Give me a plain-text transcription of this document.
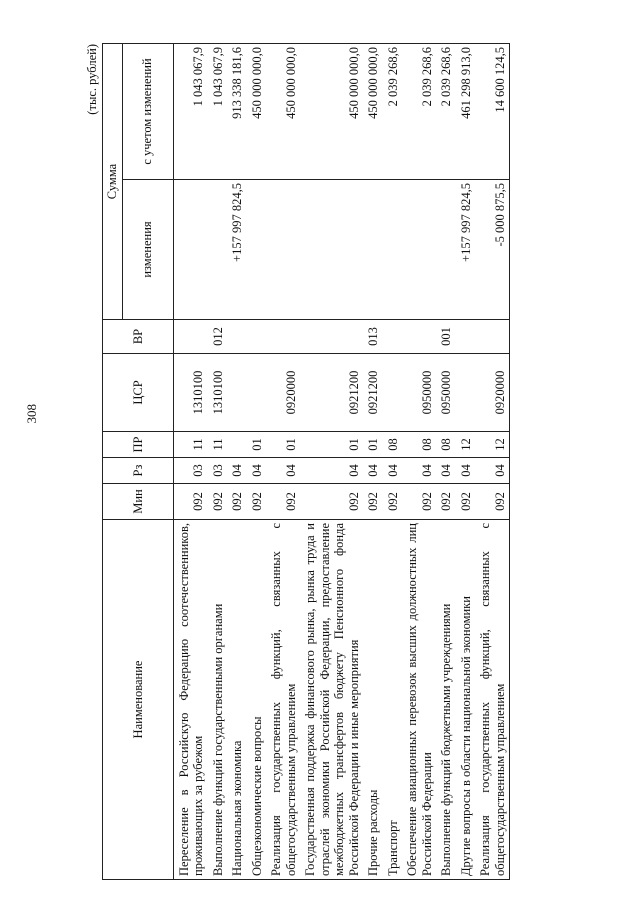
308
(тыс. рублей)
Наименование	Мин	Рз	ПР	ЦСР	ВР	Сумма	
						изменения	с учетом изменений
Переселение в Российскую Федерацию соотечественников, проживающих за рубежом	092	03	11	1310100			1 043 067,9
Выполнение функций государственными органами	092	03	11	1310100	012		1 043 067,9
Национальная экономика	092	04				+157 997 824,5	913 338 181,6
Общеэкономические вопросы	092	04	01				450 000 000,0
Реализация государственных функций, связанных с общегосударственным управлением	092	04	01	0920000			450 000 000,0
Государственная поддержка финансового рынка, рынка труда и отраслей экономики Российской Федерации, предоставление межбюджетных трансфертов бюджету Пенсионного фонда Российской Федерации и иные мероприятия	092	04	01	0921200			450 000 000,0
Прочие расходы	092	04	01	0921200	013		450 000 000,0
Транспорт	092	04	08				2 039 268,6
Обеспечение авиационных перевозок высших должностных лиц Российской Федерации	092	04	08	0950000			2 039 268,6
Выполнение функций бюджетными учреждениями	092	04	08	0950000	001		2 039 268,6
Другие вопросы в области национальной экономики	092	04	12			+157 997 824,5	461 298 913,0
Реализация государственных функций, связанных с общегосударственным управлением	092	04	12	0920000		-5 000 875,5	14 600 124,5
